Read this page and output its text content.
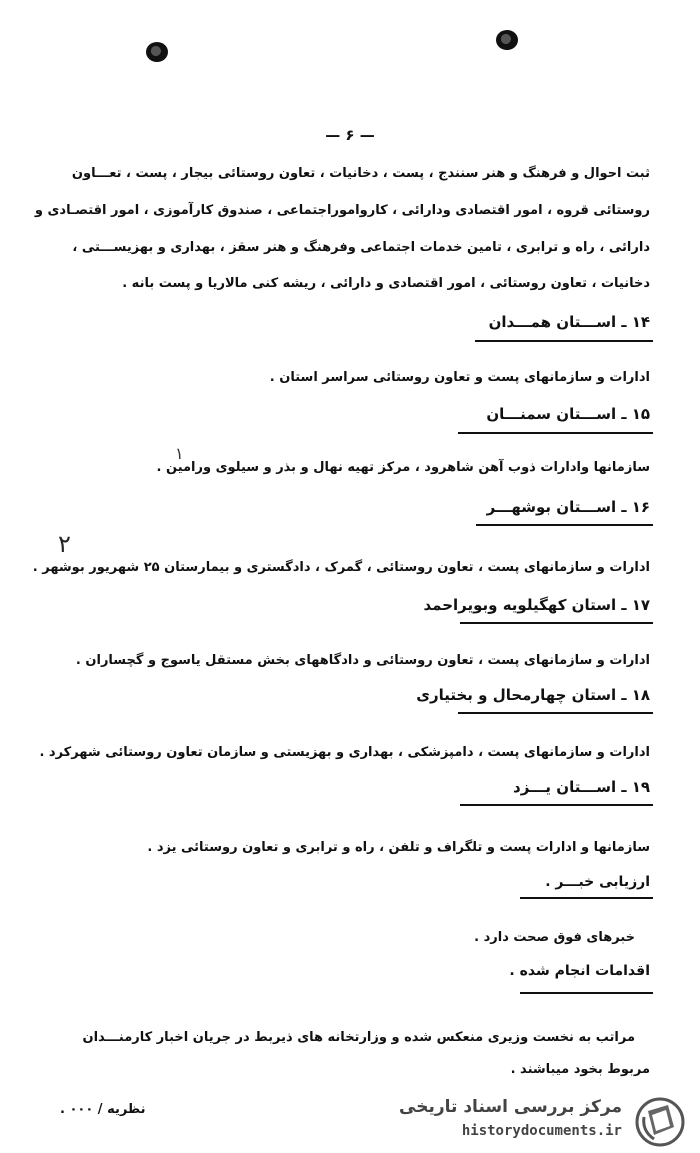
— ۶ —
ثبت احوال و فرهنگ و هنر سنندج ، پست ، دخانیات ، تعاون روستائی بیجار ، پست ، تعـــاون
روستائی قروه ، امور اقتصادی ودارائی ، کارواموراجتماعی ، صندوق کارآموزی ، امور اقتصـادی و
دارائی ، راه و ترابری ، تامین خدمات اجتماعی وفرهنگ و هنر سقز ، بهداری و بهزیســـتی ،
دخانیات ، تعاون روستائی ، امور اقتصادی و دارائی ، ریشه کنی مالاریا و پست بانه .
۱۴ ـ اســـتان همـــدان
ادارات و سازمانهای پست و تعاون روستائی سراسر استان .
۱۵ ـ اســـتان سمنـــان
۱
سازمانها وادارات ذوب آهن شاهرود ، مرکز تهیه نهال و بذر و سیلوی ورامین .
۱۶ ـ اســـتان بوشهـــر
۲
ادارات و سازمانهای پست ، تعاون روستائی ، گمرک ، دادگستری و بیمارستان ۲۵ شهریور بوشهر .
۱۷ ـ استان کهگیلویه وبویراحمد
ادارات و سازمانهای پست ، تعاون روستائی و دادگاههای بخش مستقل یاسوج و گچساران .
۱۸ ـ استان چهارمحال و بختیاری
ادارات و سازمانهای پست ، دامپزشکی ، بهداری و بهزیستی و سازمان تعاون روستائی شهرکرد .
۱۹ ـ اســـتان یـــزد
سازمانها و ادارات پست و تلگراف و تلفن ، راه و ترابری و تعاون روستائی یزد .
ارزیابی خبـــر .
خبرهای فوق صحت دارد .
اقدامات انجام شده .
مراتب به نخست وزیری منعکس شده و وزارتخانه های ذیربط در جریان اخبار کارمنـــدان
مربوط بخود میباشند .
نظریه / ۰۰۰ .	مرکز بررسی اسناد تاریخی
historydocuments.ir
